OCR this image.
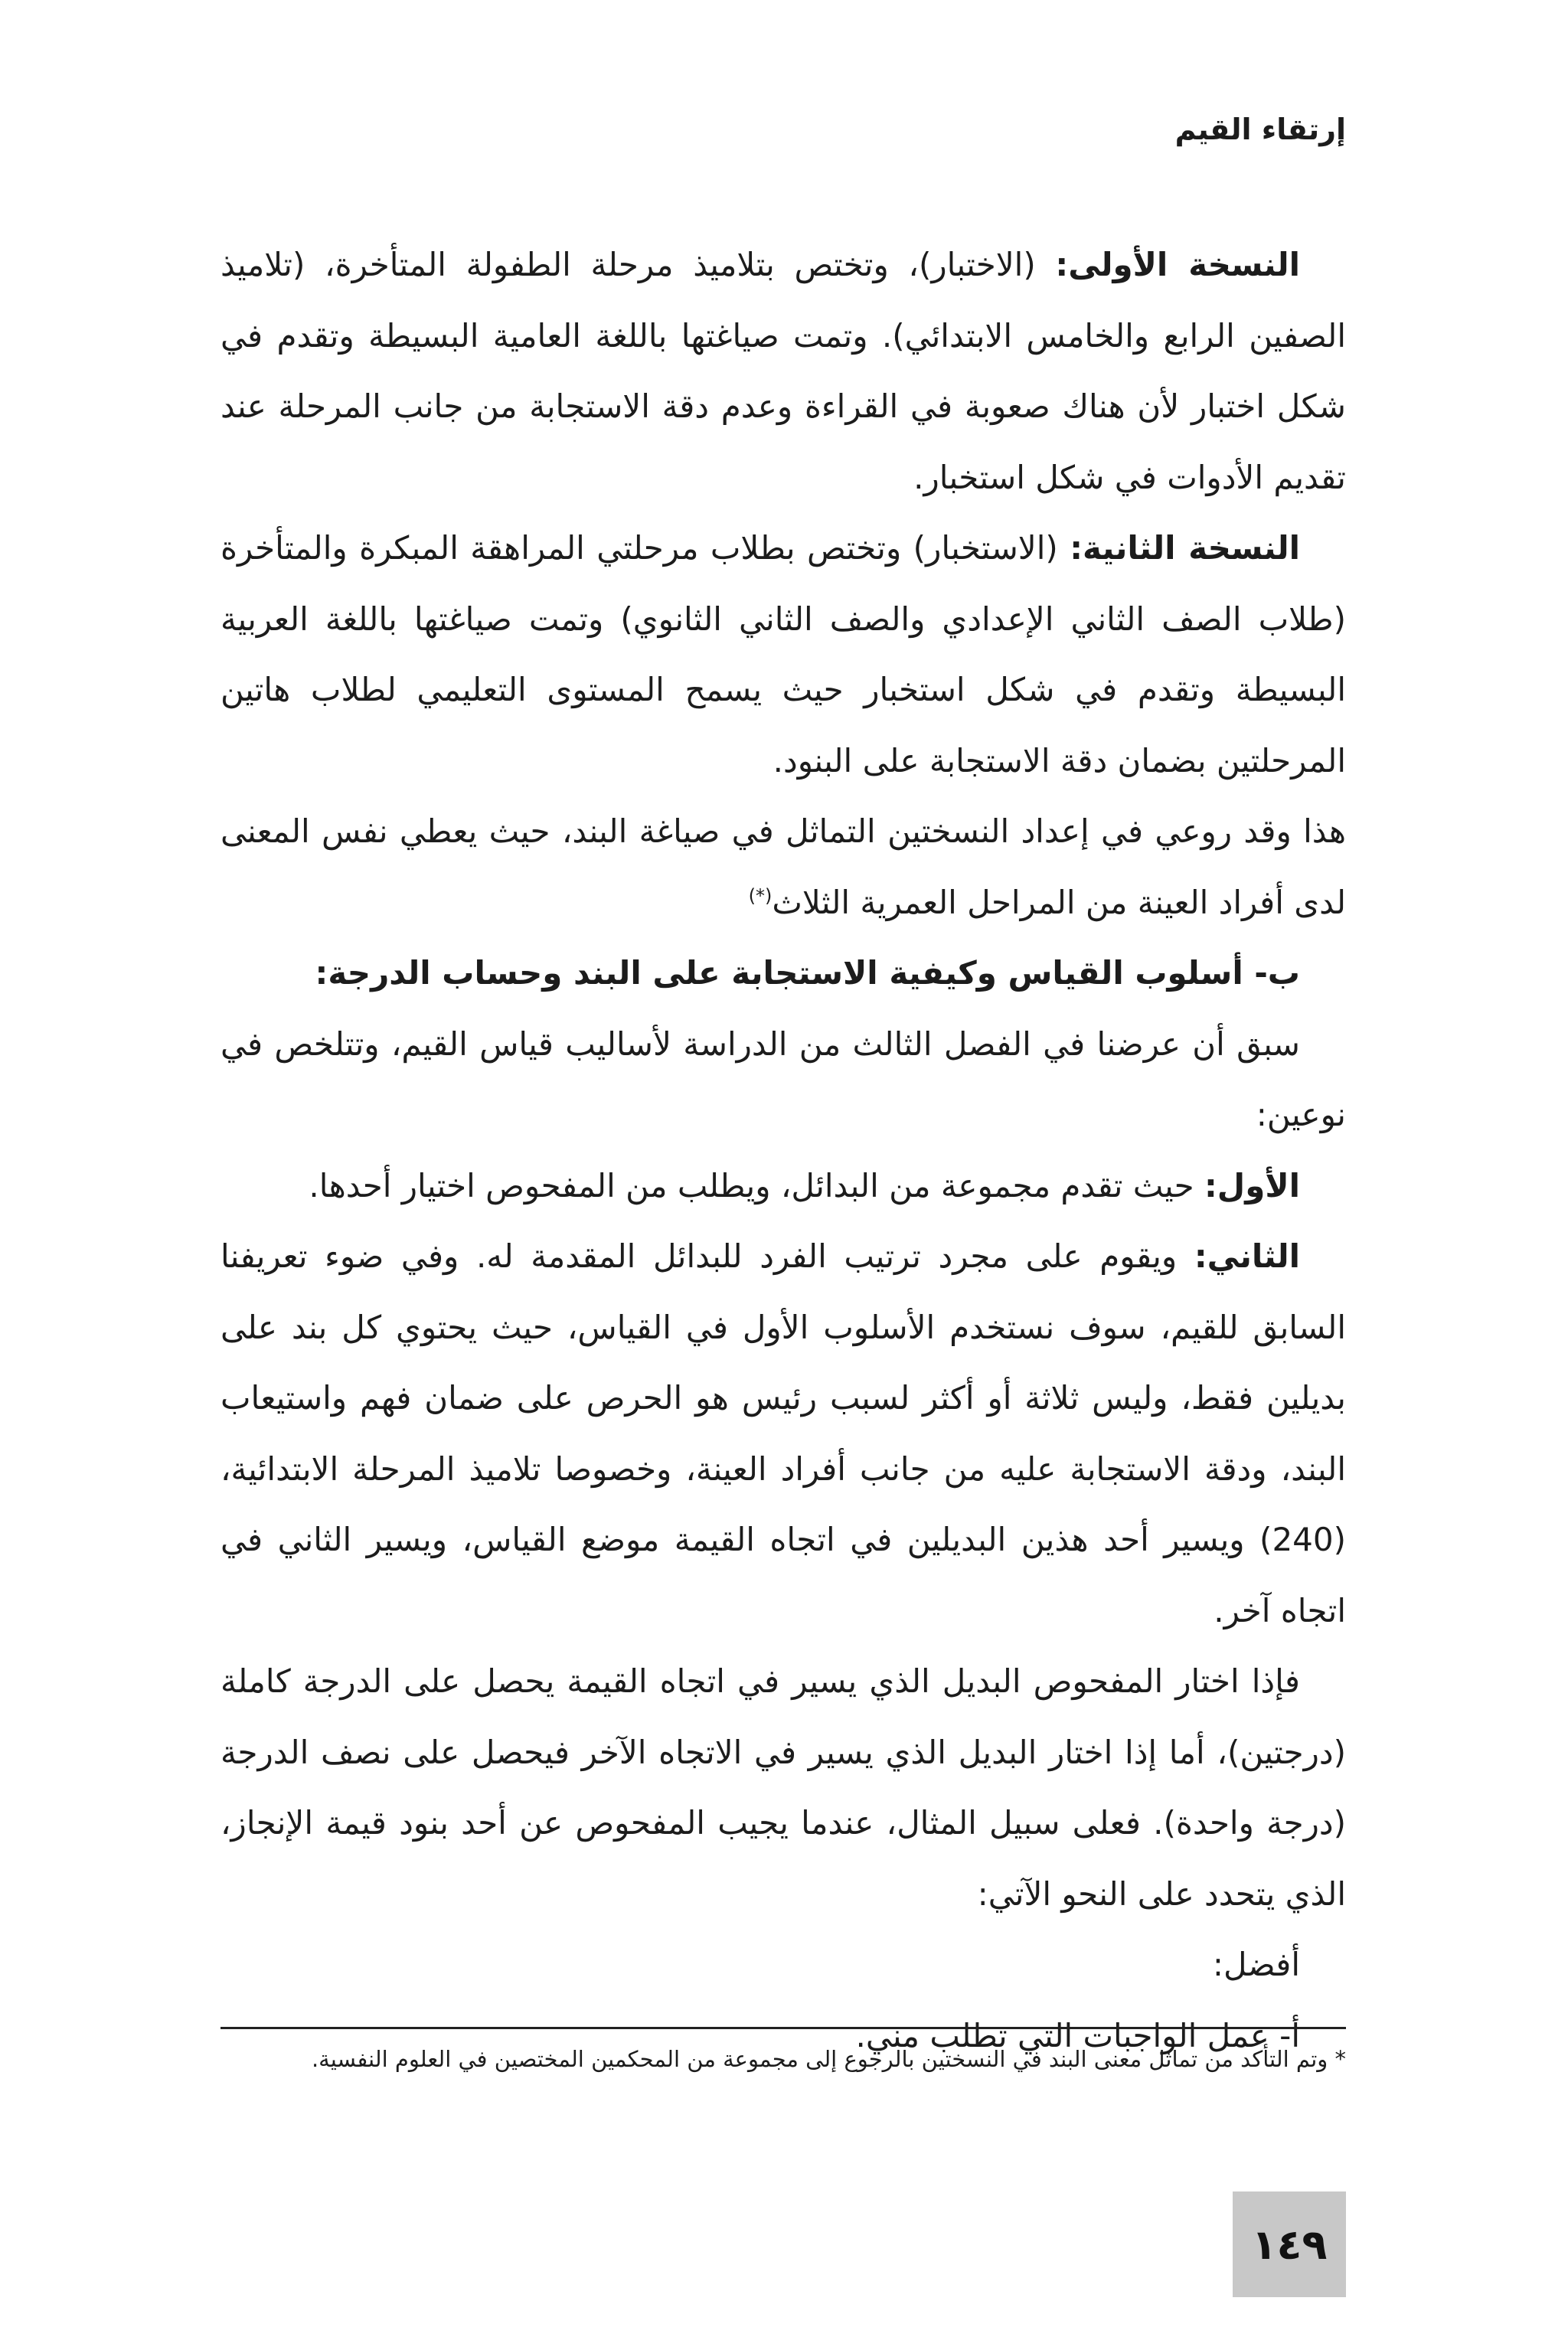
إرتقاء القيم

النسخة الأولى: (الاختبار)، وتختص بتلاميذ مرحلة الطفولة المتأخرة، (تلاميذ الصفين الرابع والخامس الابتدائي). وتمت صياغتها باللغة العامية البسيطة وتقدم في شكل اختبار لأن هناك صعوبة في القراءة وعدم دقة الاستجابة من جانب المرحلة عند تقديم الأدوات في شكل استخبار.

النسخة الثانية: (الاستخبار) وتختص بطلاب مرحلتي المراهقة المبكرة والمتأخرة (طلاب الصف الثاني الإعدادي والصف الثاني الثانوي) وتمت صياغتها باللغة العربية البسيطة وتقدم في شكل استخبار حيث يسمح المستوى التعليمي لطلاب هاتين المرحلتين بضمان دقة الاستجابة على البنود.

هذا وقد روعي في إعداد النسختين التماثل في صياغة البند، حيث يعطي نفس المعنى لدى أفراد العينة من المراحل العمرية الثلاث(*)

ب- أسلوب القياس وكيفية الاستجابة على البند وحساب الدرجة:

سبق أن عرضنا في الفصل الثالث من الدراسة لأساليب قياس القيم، وتتلخص في نوعين:

الأول: حيث تقدم مجموعة من البدائل، ويطلب من المفحوص اختيار أحدها.

الثاني: ويقوم على مجرد ترتيب الفرد للبدائل المقدمة له. وفي ضوء تعريفنا السابق للقيم، سوف نستخدم الأسلوب الأول في القياس، حيث يحتوي كل بند على بديلين فقط، وليس ثلاثة أو أكثر لسبب رئيس هو الحرص على ضمان فهم واستيعاب البند، ودقة الاستجابة عليه من جانب أفراد العينة، وخصوصا تلاميذ المرحلة الابتدائية، (240) ويسير أحد هذين البديلين في اتجاه القيمة موضع القياس، ويسير الثاني في اتجاه آخر.

فإذا اختار المفحوص البديل الذي يسير في اتجاه القيمة يحصل على الدرجة كاملة (درجتين)، أما إذا اختار البديل الذي يسير في الاتجاه الآخر فيحصل على نصف الدرجة (درجة واحدة). فعلى سبيل المثال، عندما يجيب المفحوص عن أحد بنود قيمة الإنجاز، الذي يتحدد على النحو الآتي:

أفضل:

أ- عمل الواجبات التي تطلب مني.

* وتم التأكد من تماثل معنى البند في النسختين بالرجوع إلى مجموعة من المحكمين المختصين في العلوم النفسية.
١٤٩
